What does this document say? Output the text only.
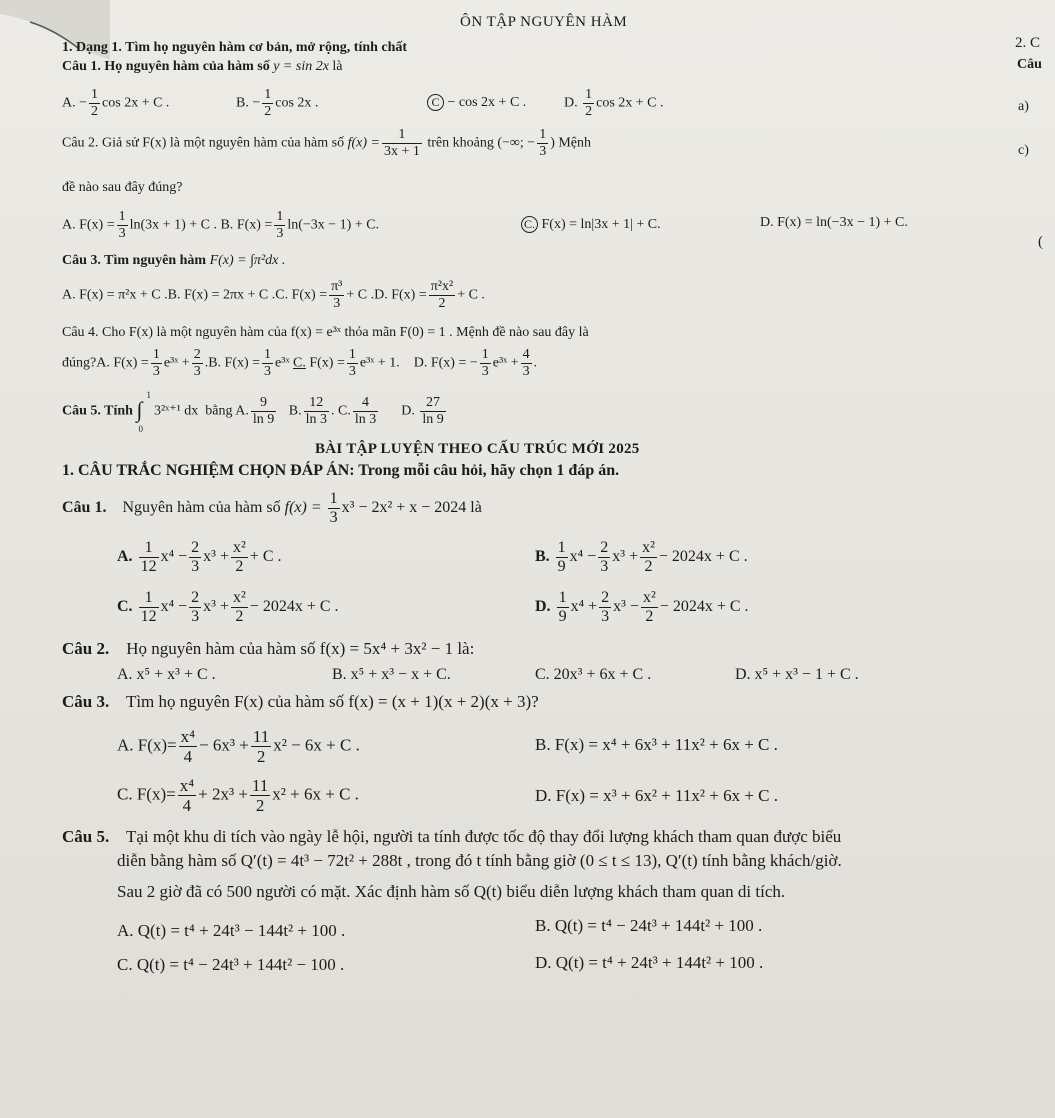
ÔN TẬP NGUYÊN HÀM
2. C
Câu
a)
c)
(
1. Dạng 1. Tìm họ nguyên hàm cơ bản, mở rộng, tính chất
Câu 1. Họ nguyên hàm của hàm số y = sin 2x là
A. − $\frac{1}{2}$ cos 2x + C .	B. − $\frac{1}{2}$ cos 2x .	C − cos 2x + C .	D. $\frac{1}{2}$ cos 2x + C .
Câu 2. Giả sử F(x) là một nguyên hàm của hàm số $f(x) = \frac{1}{3x + 1}$ trên khoảng (−∞; − $\frac{1}{3}$ ) Mệnh
đề nào sau đây đúng?
A. $F(x) = \frac{1}{3} \ln(3x + 1) + C$ . B. $F(x) = \frac{1}{3} \ln(-3x - 1) + C$.	C. F(x) = ln|3x + 1| + C.	D. F(x) = ln(−3x − 1) + C.
Câu 3. Tìm nguyên hàm F(x) = ∫π²dx .
A. F(x) = π²x + C .B. F(x) = 2πx + C .C. $F(x) = \frac{\text{π³}}{3} + C$ .D. $F(x) = \frac{\text{π²x²}}{2} + C$ .
Câu 4. Cho F(x) là một nguyên hàm của f(x) = e³ˣ thỏa mãn F(0) = 1 . Mệnh đề nào sau đây là
đúng?A. $F(x) = \frac{1}{3}$ e³ˣ + $\frac{2}{3} .B$. $F(x) = \frac{1}{3}$ e³ˣ C. $F(x) = \frac{1}{3}$ e³ˣ + 1. D. F(x) = − $\frac{1}{3}$ e³ˣ + $\frac{4}{3}$ .
Câu 5. Tính ∫
1
0
3²ˣ⁺¹ dx bằng A. $\frac{9}{\ln 9} B$. $\frac{12}{\ln 3}$ . C. $\frac{4}{\ln 3} D$. $\frac{27}{\ln 9}$
BÀI TẬP LUYỆN THEO CẤU TRÚC MỚI 2025
1. CÂU TRẮC NGHIỆM CHỌN ĐÁP ÁN: Trong mỗi câu hỏi, hãy chọn 1 đáp án.
Câu 1. Nguyên hàm của hàm số $f(x) = \frac{1}{3} x^3 - 2x^2 + x - 2024$ là
A. $\frac{1}{12} x^4 - \frac{2}{3} x^3 + \frac{\text{x²}}{2} + C$ .	B. $\frac{1}{9} x^4 - \frac{2}{3} x^3 + \frac{\text{x²}}{2} - 2024x + C$ .
C. $\frac{1}{12} x^4 - \frac{2}{3} x^3 + \frac{\text{x²}}{2} - 2024x + C$ .	D. $\frac{1}{9} x^4 + \frac{2}{3} x^3 - \frac{\text{x²}}{2} - 2024x + C$ .
Câu 2. Họ nguyên hàm của hàm số f(x) = 5x⁴ + 3x² − 1 là:
A. x⁵ + x³ + C .	B. x⁵ + x³ − x + C.	C. 20x³ + 6x + C .	D. x⁵ + x³ − 1 + C .
Câu 3. Tìm họ nguyên F(x) của hàm số f(x) = (x + 1)(x + 2)(x + 3)?
A. $F(x)= \frac{\text{x⁴}}{4} - 6x^3 + \frac{11}{2} x^2 - 6x + C$ .	B. F(x) = x⁴ + 6x³ + 11x² + 6x + C .
C. $F(x)= \frac{\text{x⁴}}{4} + 2x^3 + \frac{11}{2} x^2 + 6x + C$ .	D. F(x) = x³ + 6x² + 11x² + 6x + C .
Câu 5. Tại một khu di tích vào ngày lễ hội, người ta tính được tốc độ thay đổi lượng khách tham quan được biểu
diễn bằng hàm số Q′(t) = 4t³ − 72t² + 288t , trong đó t tính bằng giờ (0 ≤ t ≤ 13), Q′(t) tính bằng khách/giờ.
Sau 2 giờ đã có 500 người có mặt. Xác định hàm số Q(t) biểu diễn lượng khách tham quan di tích.
A. Q(t) = t⁴ + 24t³ − 144t² + 100 .	B. Q(t) = t⁴ − 24t³ + 144t² + 100 .
C. Q(t) = t⁴ − 24t³ + 144t² − 100 .	D. Q(t) = t⁴ + 24t³ + 144t² + 100 .
